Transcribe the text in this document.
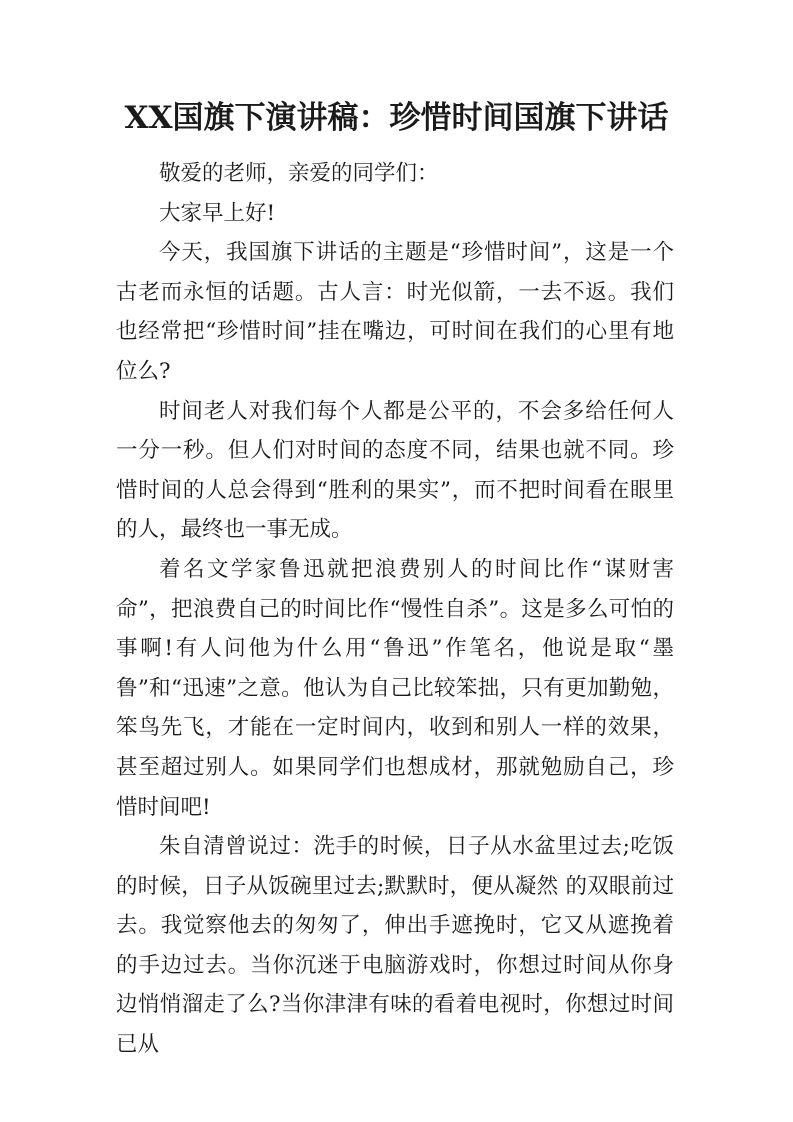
XX国旗下演讲稿：珍惜时间国旗下讲话

敬爱的老师，亲爱的同学们：

大家早上好!

今天，我国旗下讲话的主题是“珍惜时间”，这是一个古老而永恒的话题。古人言：时光似箭，一去不返。我们也经常把“珍惜时间”挂在嘴边，可时间在我们的心里有地位么?

时间老人对我们每个人都是公平的，不会多给任何人一分一秒。但人们对时间的态度不同，结果也就不同。珍惜时间的人总会得到“胜利的果实”，而不把时间看在眼里的人，最终也一事无成。

着名文学家鲁迅就把浪费别人的时间比作“谋财害命”，把浪费自己的时间比作“慢性自杀”。这是多么可怕的事啊!有人问他为什么用“鲁迅”作笔名，他说是取“墨鲁”和“迅速”之意。他认为自己比较笨拙，只有更加勤勉，笨鸟先飞，才能在一定时间内，收到和别人一样的效果，甚至超过别人。如果同学们也想成材，那就勉励自己，珍惜时间吧!

朱自清曾说过：洗手的时候，日子从水盆里过去;吃饭的时候，日子从饭碗里过去;默默时，便从凝然 的双眼前过去。我觉察他去的匆匆了，伸出手遮挽时，它又从遮挽着的手边过去。当你沉迷于电脑游戏时，你想过时间从你身边悄悄溜走了么?当你津津有味的看着电视时，你想过时间已从
